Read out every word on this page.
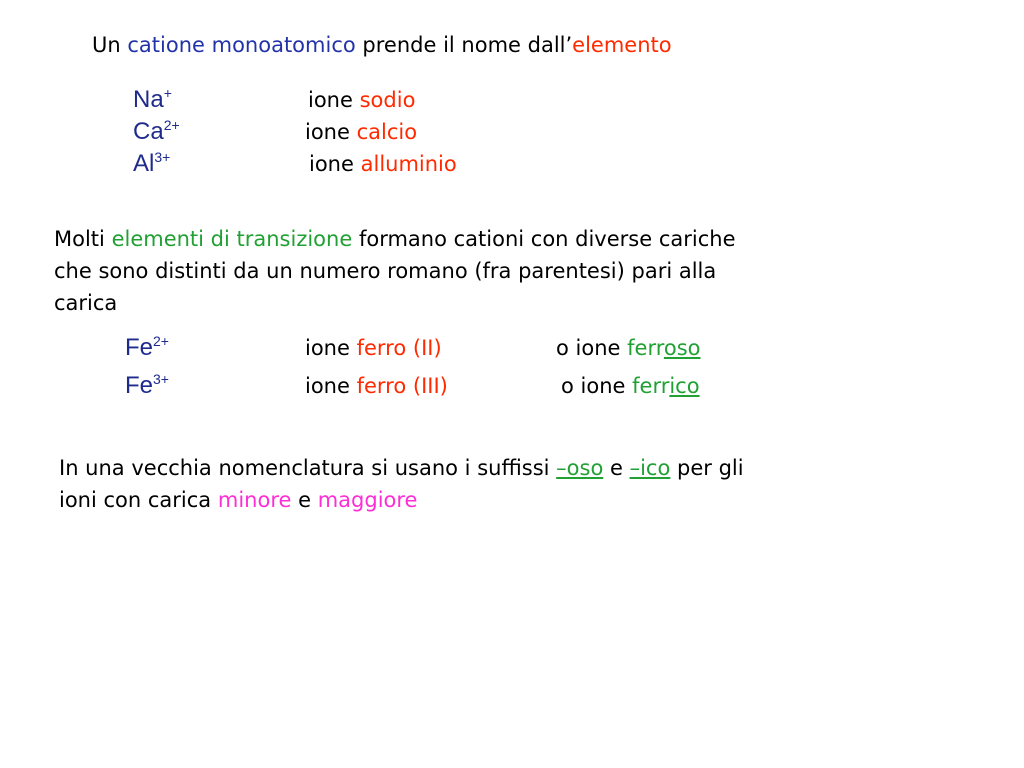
Un catione monoatomico prende il nome dall’elemento
Na+	ione sodio
$Ca^{2+}$	ione calcio
$Al^{3+}$	ione alluminio
Molti elementi di transizione formano cationi con diverse cariche
che sono distinti da un numero romano (fra parentesi) pari alla
carica
$Fe^{2+}$	ione ferro (II)	o ione ferroso
$Fe^{3+}$	ione ferro (III)	o ione ferrico
In una vecchia nomenclatura si usano i suffissi –oso e –ico per gli
ioni con carica minore e maggiore
